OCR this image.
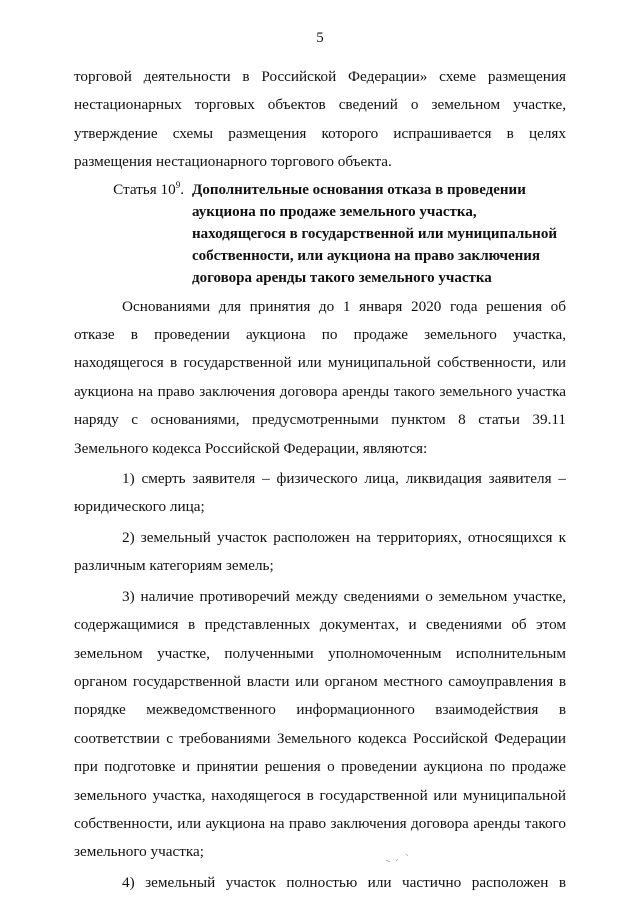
5

торговой деятельности в Российской Федерации» схеме размещения нестационарных торговых объектов сведений о земельном участке, утверждение схемы размещения которого испрашивается в целях размещения нестационарного торгового объекта.

Статья $10^9$. Дополнительные основания отказа в проведении аукциона по продаже земельного участка, находящегося в государственной или муниципальной собственности, или аукциона на право заключения договора аренды такого земельного участка

Основаниями для принятия до 1 января 2020 года решения об отказе в проведении аукциона по продаже земельного участка, находящегося в государственной или муниципальной собственности, или аукциона на право заключения договора аренды такого земельного участка наряду с основаниями, предусмотренными пунктом 8 статьи 39.11 Земельного кодекса Российской Федерации, являются:

1) смерть заявителя – физического лица, ликвидация заявителя – юридического лица;

2) земельный участок расположен на территориях, относящихся к различным категориям земель;

3) наличие противоречий между сведениями о земельном участке, содержащимися в представленных документах, и сведениями об этом земельном участке, полученными уполномоченным исполнительным органом государственной власти или органом местного самоуправления в порядке межведомственного информационного взаимодействия в соответствии с требованиями Земельного кодекса Российской Федерации при подготовке и принятии решения о проведении аукциона по продаже земельного участка, находящегося в государственной или муниципальной собственности, или аукциона на право заключения договора аренды такого земельного участка;

4) земельный участок полностью или частично расположен в
